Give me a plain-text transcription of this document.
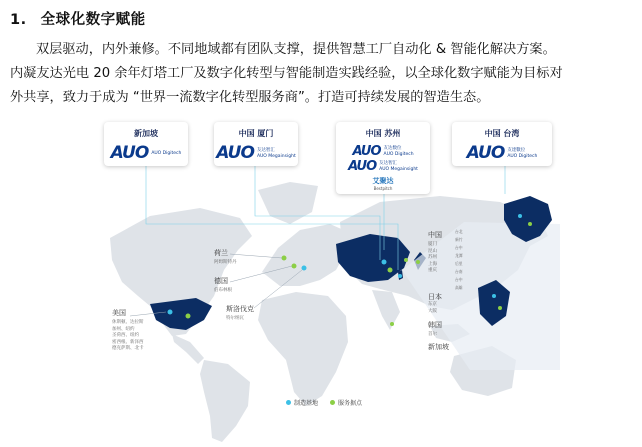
1. 全球化数字赋能
双层驱动，内外兼修。不同地域都有团队支撑，提供智慧工厂自动化 & 智能化解决方案。
内凝友达光电 20 余年灯塔工厂及数字化转型与智能制造实践经验，以全球化数字赋能为目标对
外共享，致力于成为 “世界一流数字化转型服务商”。打造可持续发展的智造生态。
新加坡
AUO AUO Digitech
中国 厦门
AUO 友达智汇
AUO Megainsight
中国 苏州
AUO 友达数位
AUO Digitech
AUO 友达智汇
AUO Megainsight
艾聚达
Bestpitch
中国 台湾
AUO 友達數位
AUO Digitech
荷兰
阿姆斯特丹
德国
伯布林根
斯洛伐克
特尔纳瓦
美国
休斯顿、达拉斯
加州、纽约
圣荷西、纽约
密西根、新泽西
德克萨斯、北卡
中国
厦门
昆山
苏州
上海
重庆
日本
东京
大阪
韩国
首尔
新加坡
台北
新竹
台中
龙潭
后里
台南
台中
高雄
制造基地	服务据点
